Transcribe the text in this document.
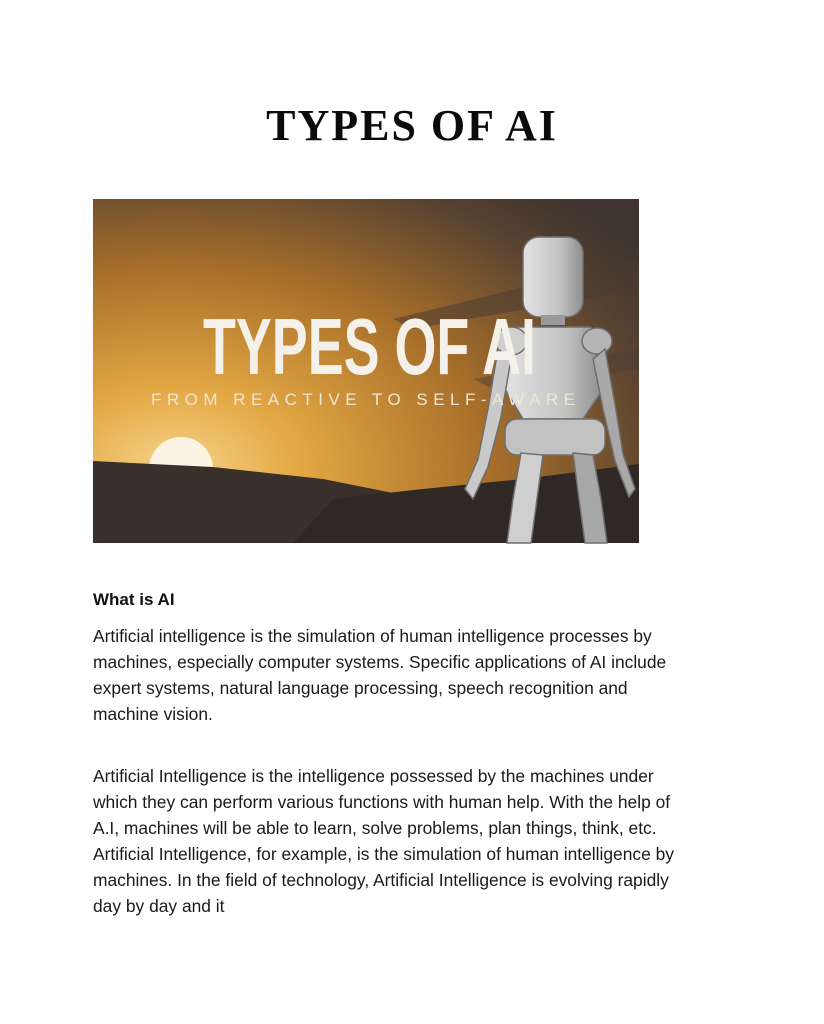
TYPES OF AI
TYPES OF AI
FROM REACTIVE TO SELF-AWARE
What is AI

Artificial intelligence is the simulation of human intelligence processes by machines, especially computer systems. Specific applications of AI include expert systems, natural language processing, speech recognition and machine vision.

Artificial Intelligence is the intelligence possessed by the machines under which they can perform various functions with human help. With the help of A.I, machines will be able to learn, solve problems, plan things, think, etc. Artificial Intelligence, for example, is the simulation of human intelligence by machines. In the field of technology, Artificial Intelligence is evolving rapidly day by day and it
